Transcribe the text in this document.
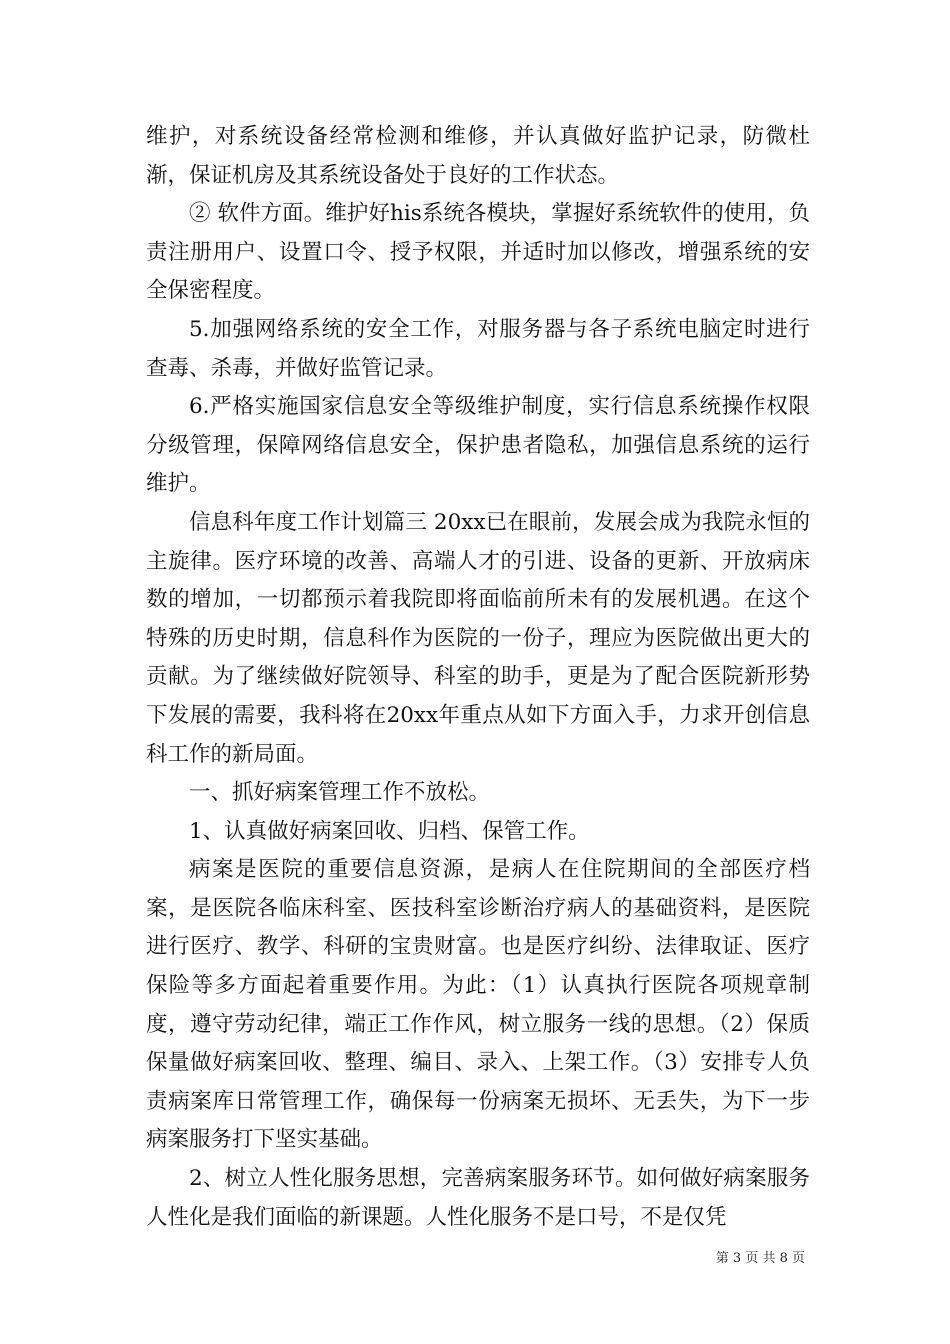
维护，对系统设备经常检测和维修，并认真做好监护记录，防微杜渐，保证机房及其系统设备处于良好的工作状态。

② 软件方面。维护好his系统各模块，掌握好系统软件的使用，负责注册用户、设置口令、授予权限，并适时加以修改，增强系统的安全保密程度。

5.加强网络系统的安全工作，对服务器与各子系统电脑定时进行查毒、杀毒，并做好监管记录。

6.严格实施国家信息安全等级维护制度，实行信息系统操作权限分级管理，保障网络信息安全，保护患者隐私，加强信息系统的运行维护。

信息科年度工作计划篇三 20xx已在眼前，发展会成为我院永恒的主旋律。医疗环境的改善、高端人才的引进、设备的更新、开放病床数的增加，一切都预示着我院即将面临前所未有的发展机遇。在这个特殊的历史时期，信息科作为医院的一份子，理应为医院做出更大的贡献。为了继续做好院领导、科室的助手，更是为了配合医院新形势下发展的需要，我科将在20xx年重点从如下方面入手，力求开创信息科工作的新局面。

一、抓好病案管理工作不放松。

1、认真做好病案回收、归档、保管工作。

病案是医院的重要信息资源，是病人在住院期间的全部医疗档案，是医院各临床科室、医技科室诊断治疗病人的基础资料，是医院进行医疗、教学、科研的宝贵财富。也是医疗纠纷、法律取证、医疗保险等多方面起着重要作用。为此：（1）认真执行医院各项规章制度，遵守劳动纪律，端正工作作风，树立服务一线的思想。（2）保质保量做好病案回收、整理、编目、录入、上架工作。（3）安排专人负责病案库日常管理工作，确保每一份病案无损坏、无丢失，为下一步病案服务打下坚实基础。

2、树立人性化服务思想，完善病案服务环节。如何做好病案服务人性化是我们面临的新课题。人性化服务不是口号，不是仅凭

第 3 页 共 8 页
